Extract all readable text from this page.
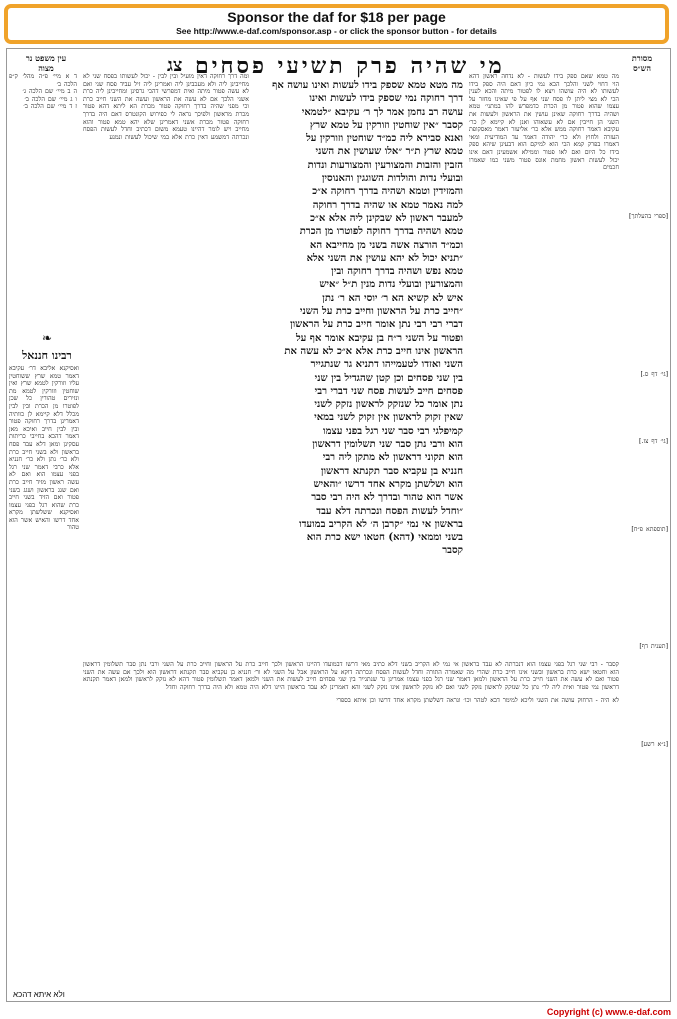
Sponsor the daf for $18 per page
See http://www.e-daf.com/sponsor.asp - or click the sponsor button - for details
מי שהיה פרק תשיעי פסחים
צג	מסורת הש״ס
עין משפט נר מצוה
ד א מיי׳ פ״ה מהל׳ ק״פ הלכה ב׳
ה ב מיי׳ שם הלכה ג׳
ו ג מיי׳ שם הלכה ב׳
ז ד מיי׳ שם הלכה ב׳
❧
רבינו חננאל
ואסיקנא אליבא דר׳ עקיבא דאמר טמא שרץ ששוחטין עליו וזורקין לטמא שרץ ואין שוחטין וזורקין לטמא מת ונזירים טהורין כל שכן לפוטרו מן הכרת ובין לבין מכלל דלא קיימא לן כוותיה דאמרינן בדרך רחוקה פטור ובין לבין חייב ואיכא מאן דאמר דהכא בחייבי כריתות עסקינן ומאן דלא עבד פסח בראשון ולא בשני חייב כרת ולא כר׳ נתן ולא כר׳ חנניא אלא כרבי דאמר שני רגל בפני עצמו הוא ואם לא עשה ראשון מזיד חייב כרת ואם שגג בראשון ושגג בשני פטור ואם הזיד בשני חייב כרת שהוא רגל בפני עצמו ואסיקנא ששלשתן מקרא אחד דרשו והאיש אשר הוא טהור
ומה דרך רחוקה דאין מועיל ובין לבין - יכול לעשותו בפסח שני לא מחייבינן ליה ולא מעכבינן ליה ואמרינן ליה זיל עביד פסח שני ואם לא עשה פטור מיתה ואית דמפרשי דהכי גרסינן ומחייבינן ליה כרת אשני הלכך אם לא עשה את הראשון ועשה את השני חייב כרת וכי מפני שהיה בדרך רחוקה פטור מכרת הא ליתא דהא פטור מכרת מראשון ולפיכך נראה לי כפירוש הקונטרס דאם היה בדרך רחוקה פטור מכרת אשני דאמרינן שלא יהא טמא פטור והוא מחייב ויש לומר דהיינו טעמא משום דכתיב וחדל לעשות הפסח ונכרתה דמשמע דאין כרת אלא במי שיכול לעשות ונמנע
מה מטא טמא שספק בידו לעשות ואינו עושה אף
דרך רחוקה נמי שספק בידו לעשות ואינו
עושה רב נחמן אמר לך ר׳ עקיבא ״לטמאי
קסבר ״אין שוחטין וזורקין על טמא שרץ
ואנא סבירא ליה כמ״ד שוחטין וזורקין על
טמא שרץ ת״ר ״אלו שעושין את השני
הזבין והזבות והמצורעין והמצורעות ונדות
ובועלי נדות והולדות השוגגין והאנוסין
והמזידין וטמא ושהיה בדרך רחוקה א״כ
למה נאמר טמא או שהיה בדרך רחוקה
למעבר ראשון לא שבקינן ליה אלא א״כ
טמא ושהיה בדרך רחוקה לפוטרו מן הכרת
וכמ״ד הורצה אשה בשני מן מחייבא הא
״תניא יכול לא יהא עושין את השני אלא
טמא נפש ושהיה בדרך רחוקה ובין
והמצורעין ובועלי נדות מנין ת״ל ״איש
איש לא קשיא הא ר׳ יוסי הא ר׳ נתן
״חייב כרת על הראשון וחייב כרת על השני
דברי רבי רבי נתן אומר חייב כרת על הראשון
ופטור על השני ר״ח בן עקיבא אומר אף על
הראשון אינו חייב כרת אלא א״כ לא עשה את
השני ואזדו לטעמייהו דתניא גר שנתגייר
בין שני פסחים וכן קטן שהגדיל בין שני
פסחים חייב לעשות פסח שני דברי רבי
נתן אומר כל שנזקק לראשון נזקק לשני
שאין זקוק לראשון אין זקוק לשני במאי
קמיפלגי רבי סבר שני רגל בפני עצמו
הוא ורבי נתן סבר שני תשלומין דראשון
הוא תקוני דראשון לא מתקן ליה רבי
חנניא בן עקביא סבר תקנתא דראשון
הוא ושלשתן מקרא אחד דרשו ״והאיש
אשר הוא טהור ובדרך לא היה רבי סבר
״וחדל לעשות הפסח ונכרתה דלא עבד
בראשון אי נמי ״קרבן ה׳ לא הקריב במועדו
בשני וממאי (דהא) חטאו ישא כרת הוא
קסבר
מה טמא שאם ספק בידו לעשות - לא נדחה ראשון דהא הוי דחוי לשני והלכך הכא נמי כיון דאם היה ספק בידו לעשותו לא היה עושהו ויצא לו לפטור מיתה והכא לענין הכי לא מצי ליתן לו פסח שני אף על פי שאינו מחזר על עצמו שהוא פטור מן הכרת כדמפרש להו במתני׳ טמא ושהיה בדרך רחוקה שאינן עושין את הראשון ולעשות את השני הן חייבין אם לא עשאוהו ואנן לא קיימא לן כר׳ עקיבא דאמר רחוקה ממש אלא כר׳ אליעזר דאמר מאסקופת העזרה ולחוץ ולא כר׳ יהודה דאמר עד המודיעית ומאי דאמרו בפרק קמא הכי הוא למיקם הוא דבעינן שיהא ספק בידו כל היום ואם לאו פטור וממילא אשמעינן דאם אינו יכול לעשות ראשון מחמת אונס פטור משני כמו שאמרו חכמים
[ספרי בהעלתך]
[גי׳ דף ס.]
[גי׳ דף צז.]
[תוספתא פ״ח]
[תענית דף]
[נ״א רשע]
קסבר - רבי שני רגל בפני עצמו הוא דנכרתה לא עבד בראשון אי נמי לא הקריב בשני דלא כתיב מאי דרשו דבמועדו דהיינו הראשון ולכך חייב כרת על הראשון וחייב כרת על השני ורבי נתן סבר תשלומין דראשון הוא וחטאו ישא כרת בראשון ובשני אינו חייב כרת שהרי מה שאמרה התורה וחדל לעשות הפסח ונכרתה דוקא על הראשון אבל על השני לא ור׳ חנניא בן עקביא סבר תקנתא דראשון הוא ולכך אם עשה את השני פטור ואם לא עשה את השני חייב כרת על הראשון ולמאן דאמר שני רגל בפני עצמו אמרינן גר שנתגייר בין שני פסחים חייב לעשות את השני ולמאן דאמר תשלומין פטור דהא לא נזקק לראשון ולמאן דאמר תקנתא דראשון נמי פטור ואית ליה לר׳ נתן כל שנזקק לראשון נזקק לשני ואם לא נזקק לראשון אינו נזקק לשני והא דאמרינן לא עבד בראשון היינו דלא היה טמא ולא היה בדרך רחוקה וחדל
לא היה - הרחוק עושה את השני וליכא למימר דבא לטהר וכו׳ ונראה דשלשתן מקרא אחד דרשו וכן איתא בספרי
ולא איתא דהכא
Copyright (c) www.e-daf.com
